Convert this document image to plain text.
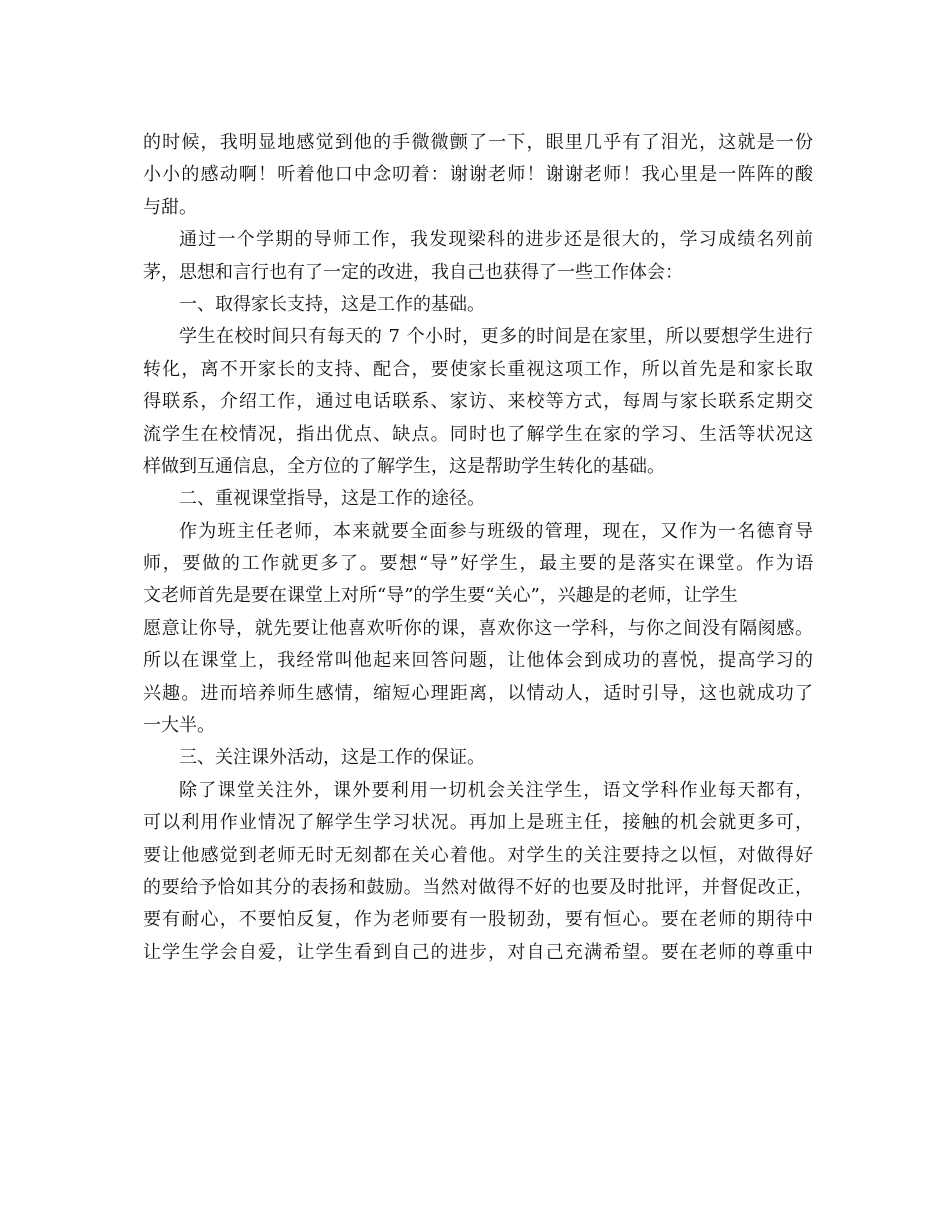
的时候，我明显地感觉到他的手微微颤了一下，眼里几乎有了泪光，这就是一份
小小的感动啊！听着他口中念叨着：谢谢老师！谢谢老师！我心里是一阵阵的酸
与甜。
通过一个学期的导师工作，我发现梁科的进步还是很大的，学习成绩名列前
茅，思想和言行也有了一定的改进，我自己也获得了一些工作体会：
一、取得家长支持，这是工作的基础。
学生在校时间只有每天的 7 个小时，更多的时间是在家里，所以要想学生进行
转化，离不开家长的支持、配合，要使家长重视这项工作，所以首先是和家长取
得联系，介绍工作，通过电话联系、家访、来校等方式，每周与家长联系定期交
流学生在校情况，指出优点、缺点。同时也了解学生在家的学习、生活等状况这
样做到互通信息，全方位的了解学生，这是帮助学生转化的基础。
二、重视课堂指导，这是工作的途径。
作为班主任老师，本来就要全面参与班级的管理，现在，又作为一名德育导
师，要做的工作就更多了。要想“导”好学生，最主要的是落实在课堂。作为语
文老师首先是要在课堂上对所“导”的学生要“关心”，兴趣是的老师，让学生
愿意让你导，就先要让他喜欢听你的课，喜欢你这一学科，与你之间没有隔阂感。
所以在课堂上，我经常叫他起来回答问题，让他体会到成功的喜悦，提高学习的
兴趣。进而培养师生感情，缩短心理距离，以情动人，适时引导，这也就成功了
一大半。
三、关注课外活动，这是工作的保证。
除了课堂关注外，课外要利用一切机会关注学生，语文学科作业每天都有，
可以利用作业情况了解学生学习状况。再加上是班主任，接触的机会就更多可，
要让他感觉到老师无时无刻都在关心着他。对学生的关注要持之以恒，对做得好
的要给予恰如其分的表扬和鼓励。当然对做得不好的也要及时批评，并督促改正，
要有耐心，不要怕反复，作为老师要有一股韧劲，要有恒心。要在老师的期待中
让学生学会自爱，让学生看到自己的进步，对自己充满希望。要在老师的尊重中
